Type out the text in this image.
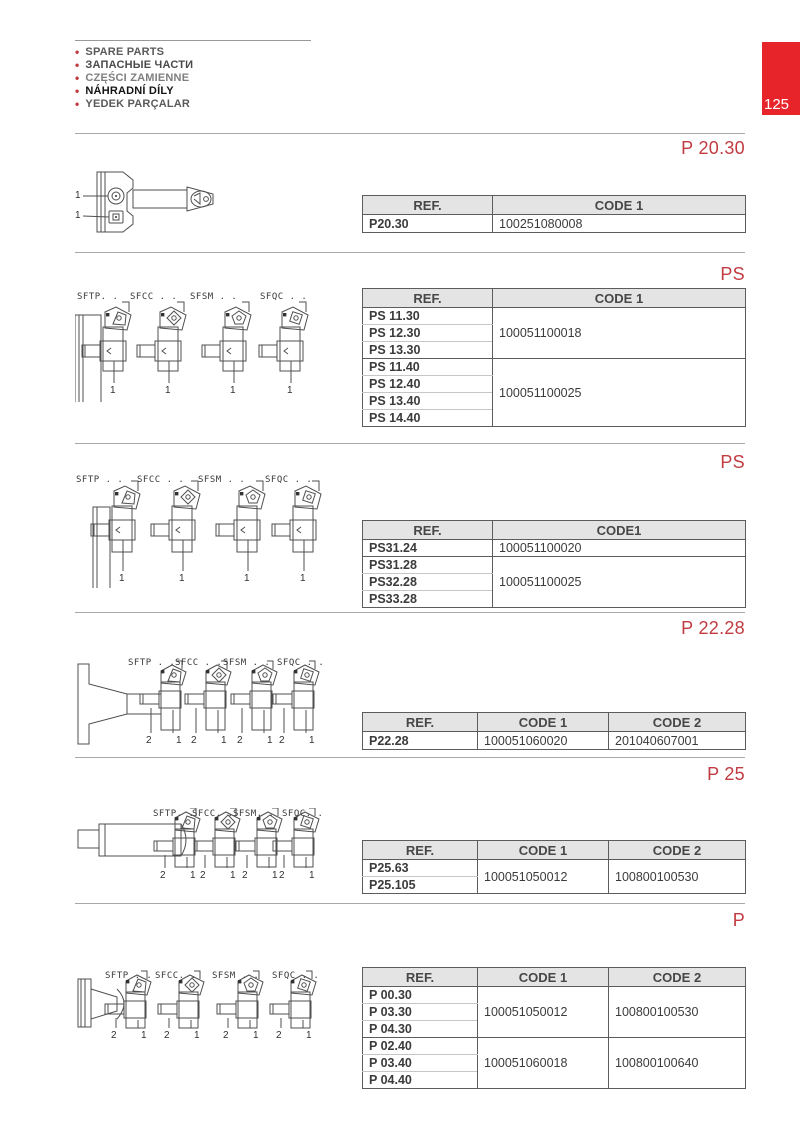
• SPARE PARTS
• ЗАПАСНЫЕ ЧАСТИ
• CZĘŚCI ZAMIENNE
• NÁHRADNÍ DÍLY
• YEDEK PARÇALAR	125
P 20.30
PS
PS
P 22.28
P 25
P
1
1
SFTP. .
1
SFCC . .
1
SFSM . .
1
SFQC . .
1
SFTP . .
1
SFCC . .
1
SFSM . .
1
SFQC . .
1
SFTP . .
2 1
SFCC . .
2 1
SFSM . .
2 1
SFQC . .
2 1
SFTP. .
2 1
SFCC. .
2 1
SFSM. .
2 1
SFQC. .
2 1
SFTP . .
2 1
SFCC. .
2 1
SFSM . .
2 1
SFQC . .
2 1
REF.	CODE 1
P20.30	100251080008
REF.	CODE 1
PS 11.30	100051100018
PS 12.30	
PS 13.30	
PS 11.40	100051100025
PS 12.40	
PS 13.40	
PS 14.40	
REF.	CODE1
PS31.24	100051100020
PS31.28	100051100025
PS32.28	
PS33.28	
REF.	CODE 1	CODE 2
P22.28	100051060020	201040607001
REF.	CODE 1	CODE 2
P25.63	100051050012	100800100530
P25.105		
REF.	CODE 1	CODE 2
P 00.30	100051050012	100800100530
P 03.30		
P 04.30		
P 02.40	100051060018	100800100640
P 03.40		
P 04.40		
